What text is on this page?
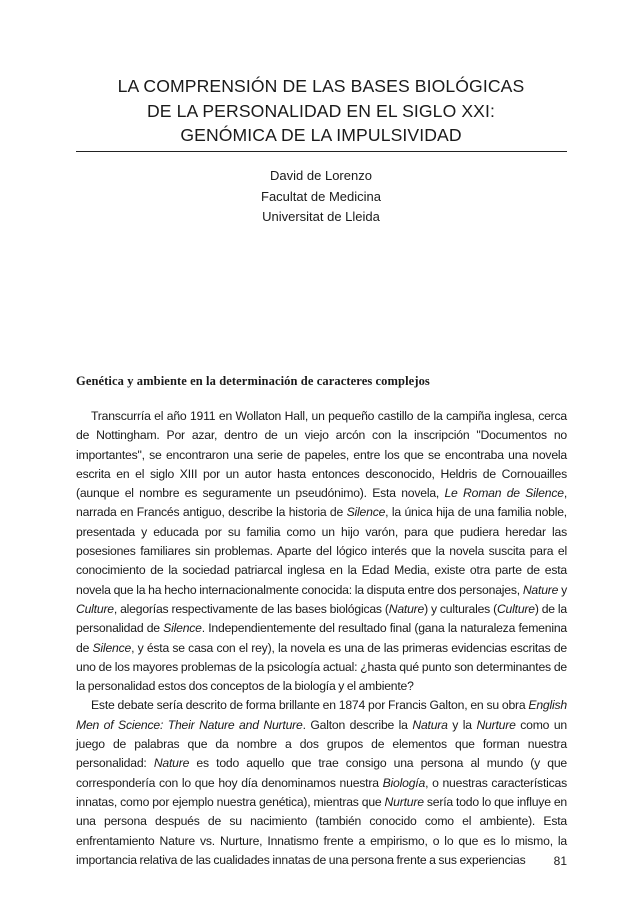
LA COMPRENSIÓN DE LAS BASES BIOLÓGICAS
DE LA PERSONALIDAD EN EL SIGLO XXI:
GENÓMICA DE LA IMPULSIVIDAD
David de Lorenzo
Facultat de Medicina
Universitat de Lleida
Genética y ambiente en la determinación de caracteres complejos

Transcurría el año 1911 en Wollaton Hall, un pequeño castillo de la campiña inglesa, cerca de Nottingham. Por azar, dentro de un viejo arcón con la inscripción "Documentos no importantes", se encontraron una serie de papeles, entre los que se encontraba una novela escrita en el siglo XIII por un autor hasta entonces desconocido, Heldris de Cornouailles (aunque el nombre es seguramente un pseudónimo). Esta novela, Le Roman de Silence, narrada en Francés antiguo, describe la historia de Silence, la única hija de una familia noble, presentada y educada por su familia como un hijo varón, para que pudiera heredar las posesiones familiares sin problemas. Aparte del lógico interés que la novela suscita para el conocimiento de la sociedad patriarcal inglesa en la Edad Media, existe otra parte de esta novela que la ha hecho internacionalmente conocida: la disputa entre dos personajes, Nature y Culture, alegorías respectivamente de las bases biológicas (Nature) y culturales (Culture) de la personalidad de Silence. Independientemente del resultado final (gana la naturaleza femenina de Silence, y ésta se casa con el rey), la novela es una de las primeras evidencias escritas de uno de los mayores problemas de la psicología actual: ¿hasta qué punto son determinantes de la personalidad estos dos conceptos de la biología y el ambiente?

Este debate sería descrito de forma brillante en 1874 por Francis Galton, en su obra English Men of Science: Their Nature and Nurture. Galton describe la Natura y la Nurture como un juego de palabras que da nombre a dos grupos de elementos que forman nuestra personalidad: Nature es todo aquello que trae consigo una persona al mundo (y que correspondería con lo que hoy día denominamos nuestra Biología, o nuestras características innatas, como por ejemplo nuestra genética), mientras que Nurture sería todo lo que influye en una persona después de su nacimiento (también conocido como el ambiente). Esta enfrentamiento Nature vs. Nurture, Innatismo frente a empirismo, o lo que es lo mismo, la importancia relativa de las cualidades innatas de una persona frente a sus experiencias	81
